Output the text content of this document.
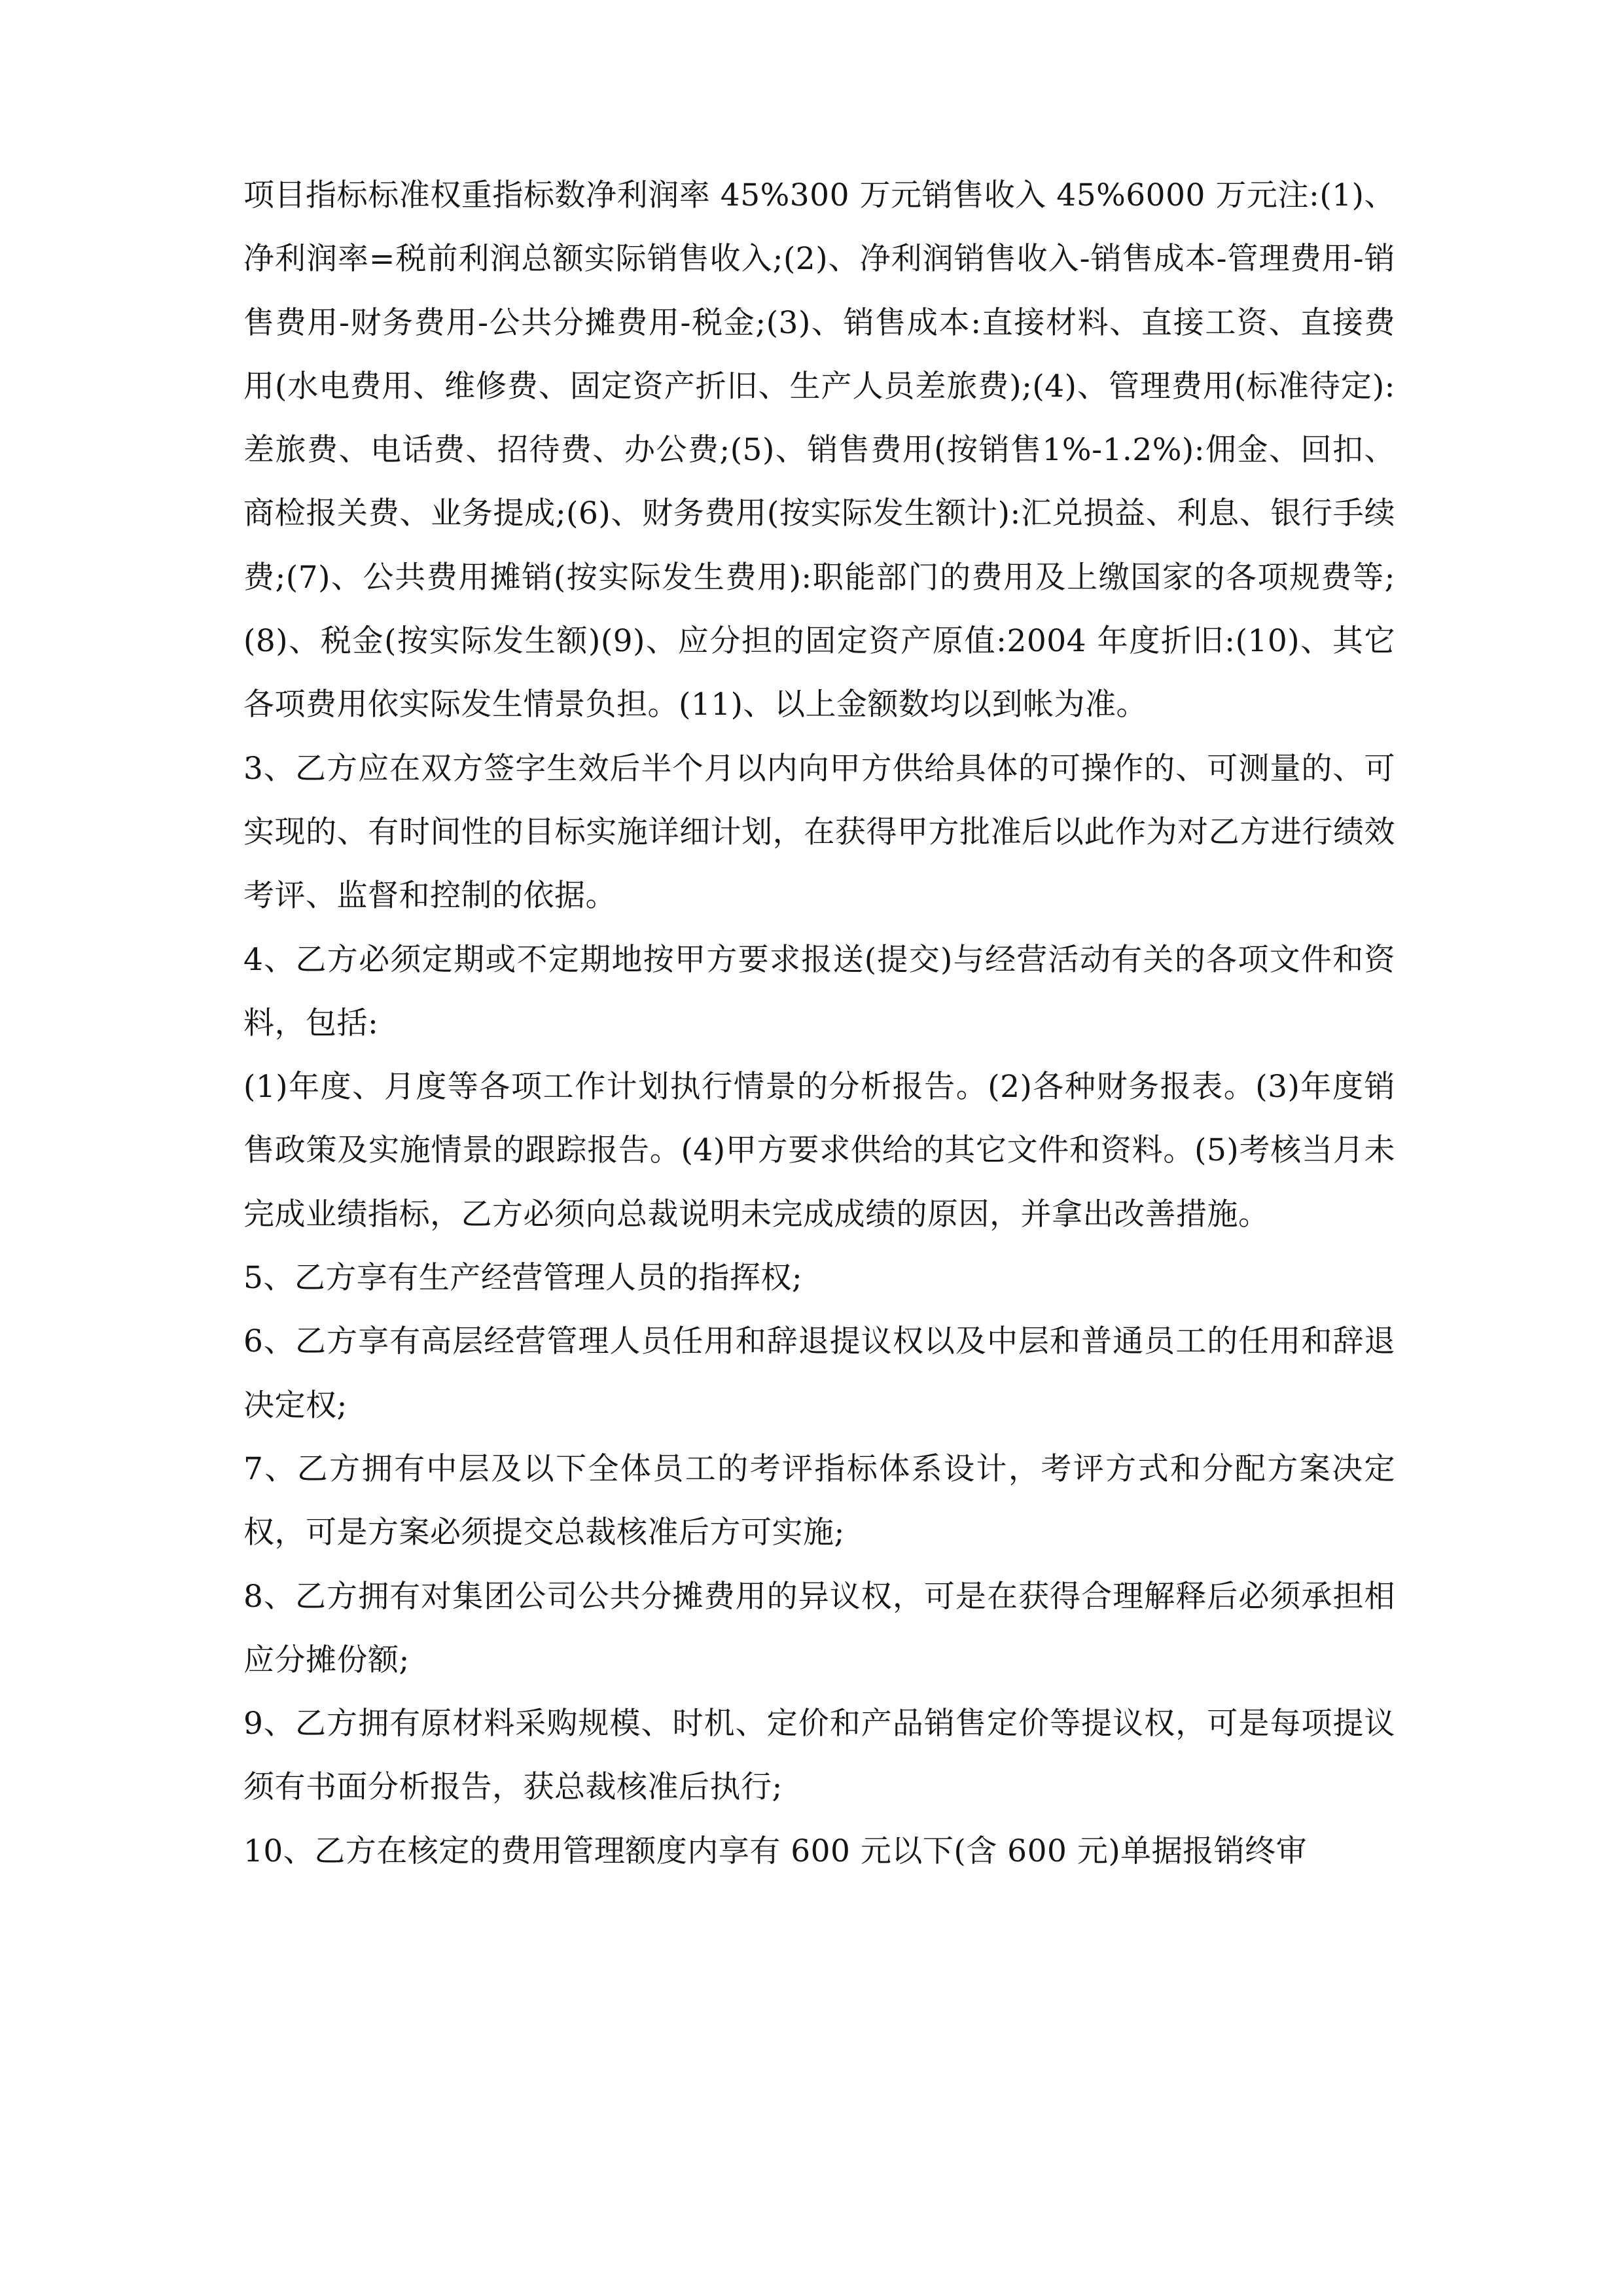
项目指标标准权重指标数净利润率 45%300 万元销售收入 45%6000 万元注:(1)、净利润率=税前利润总额实际销售收入;(2)、净利润销售收入-销售成本-管理费用-销售费用-财务费用-公共分摊费用-税金;(3)、销售成本:直接材料、直接工资、直接费用(水电费用、维修费、固定资产折旧、生产人员差旅费);(4)、管理费用(标准待定):差旅费、电话费、招待费、办公费;(5)、销售费用(按销售1%-1.2%):佣金、回扣、商检报关费、业务提成;(6)、财务费用(按实际发生额计):汇兑损益、利息、银行手续费;(7)、公共费用摊销(按实际发生费用):职能部门的费用及上缴国家的各项规费等;(8)、税金(按实际发生额)(9)、应分担的固定资产原值:2004 年度折旧:(10)、其它各项费用依实际发生情景负担。(11)、以上金额数均以到帐为准。

3、乙方应在双方签字生效后半个月以内向甲方供给具体的可操作的、可测量的、可实现的、有时间性的目标实施详细计划，在获得甲方批准后以此作为对乙方进行绩效考评、监督和控制的依据。

4、乙方必须定期或不定期地按甲方要求报送(提交)与经营活动有关的各项文件和资料，包括:

(1)年度、月度等各项工作计划执行情景的分析报告。(2)各种财务报表。(3)年度销售政策及实施情景的跟踪报告。(4)甲方要求供给的其它文件和资料。(5)考核当月未完成业绩指标，乙方必须向总裁说明未完成成绩的原因，并拿出改善措施。

5、乙方享有生产经营管理人员的指挥权;

6、乙方享有高层经营管理人员任用和辞退提议权以及中层和普通员工的任用和辞退决定权;

7、乙方拥有中层及以下全体员工的考评指标体系设计，考评方式和分配方案决定权，可是方案必须提交总裁核准后方可实施;

8、乙方拥有对集团公司公共分摊费用的异议权，可是在获得合理解释后必须承担相应分摊份额;

9、乙方拥有原材料采购规模、时机、定价和产品销售定价等提议权，可是每项提议须有书面分析报告，获总裁核准后执行;

10、乙方在核定的费用管理额度内享有 600 元以下(含 600 元)单据报销终审
